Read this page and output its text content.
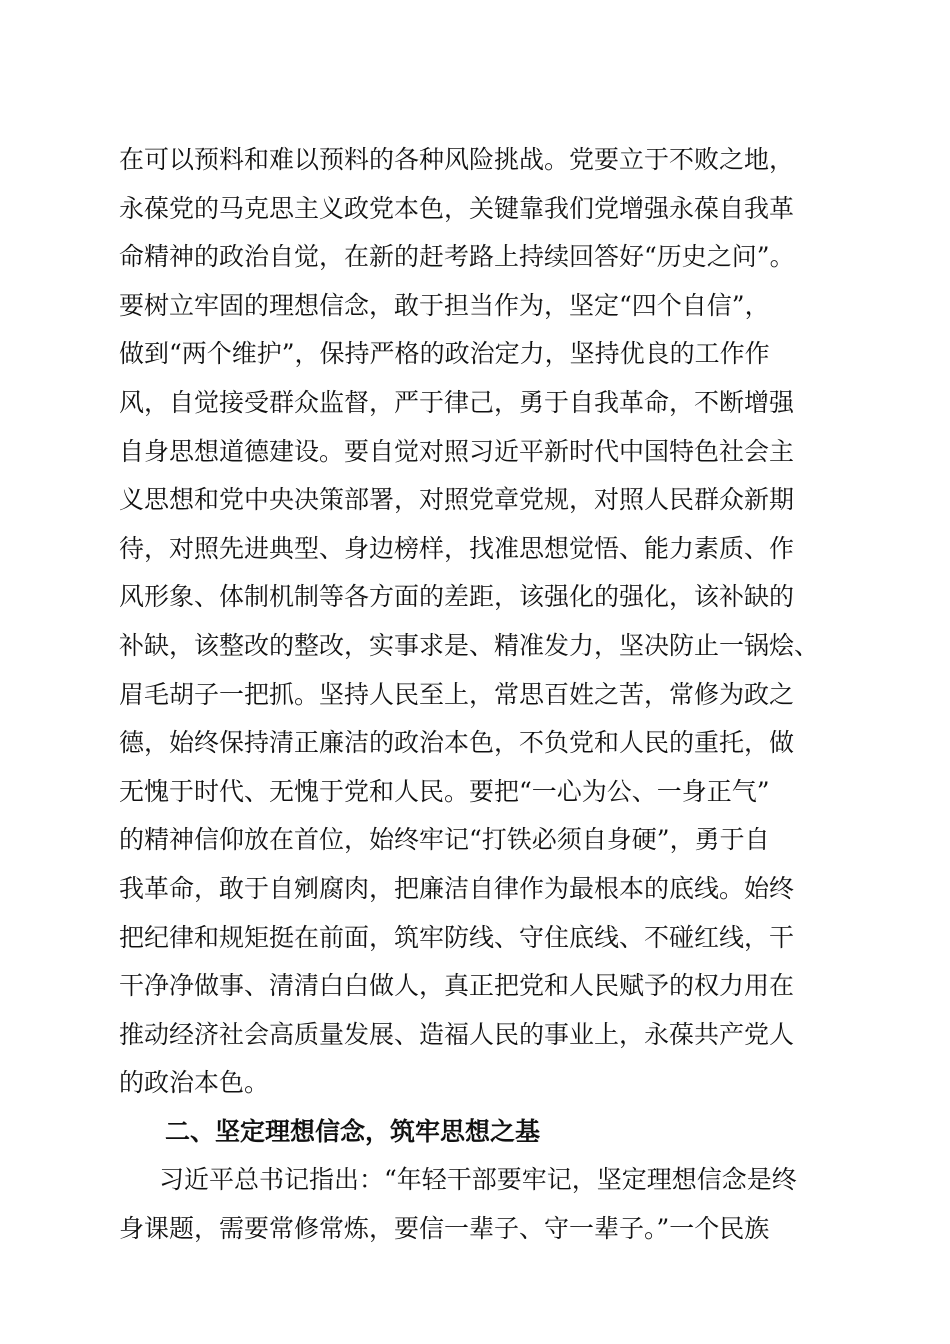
在可以预料和难以预料的各种风险挑战。党要立于不败之地，
永葆党的马克思主义政党本色，关键靠我们党增强永葆自我革
命精神的政治自觉，在新的赶考路上持续回答好“历史之问”。
要树立牢固的理想信念，敢于担当作为，坚定“四个自信”，
做到“两个维护”，保持严格的政治定力，坚持优良的工作作
风，自觉接受群众监督，严于律己，勇于自我革命，不断增强
自身思想道德建设。要自觉对照习近平新时代中国特色社会主
义思想和党中央决策部署，对照党章党规，对照人民群众新期
待，对照先进典型、身边榜样，找准思想觉悟、能力素质、作
风形象、体制机制等各方面的差距，该强化的强化，该补缺的
补缺，该整改的整改，实事求是、精准发力，坚决防止一锅烩、
眉毛胡子一把抓。坚持人民至上，常思百姓之苦，常修为政之
德，始终保持清正廉洁的政治本色，不负党和人民的重托，做
无愧于时代、无愧于党和人民。要把“一心为公、一身正气”
的精神信仰放在首位，始终牢记“打铁必须自身硬”，勇于自
我革命，敢于自剜腐肉，把廉洁自律作为最根本的底线。始终
把纪律和规矩挺在前面，筑牢防线、守住底线、不碰红线，干
干净净做事、清清白白做人，真正把党和人民赋予的权力用在
推动经济社会高质量发展、造福人民的事业上，永葆共产党人
的政治本色。
二、坚定理想信念，筑牢思想之基
习近平总书记指出：“年轻干部要牢记，坚定理想信念是终
身课题，需要常修常炼，要信一辈子、守一辈子。”一个民族
